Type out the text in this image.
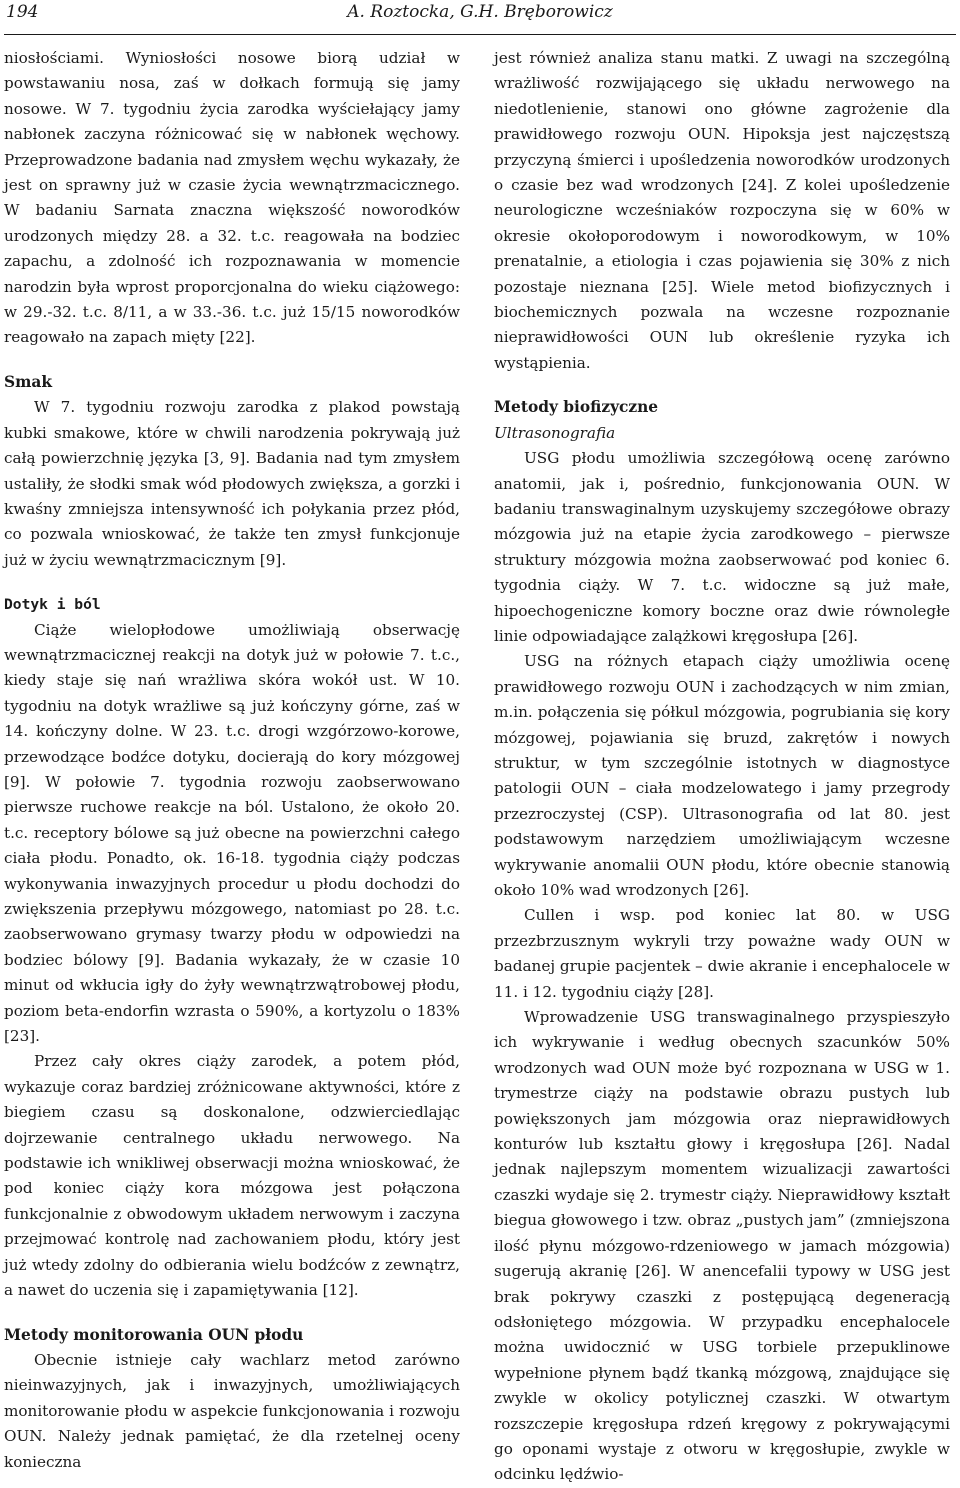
194	A. Roztocka, G.H. Bręborowicz

niosłościami. Wyniosłości nosowe biorą udział w powstawaniu nosa, zaś w dołkach formują się jamy nosowe. W 7. tygodniu życia zarodka wyściełający jamy nabłonek zaczyna różnicować się w nabłonek węchowy. Przeprowadzone badania nad zmysłem węchu wykazały, że jest on sprawny już w czasie życia wewnątrzmacicznego. W badaniu Sarnata znaczna większość noworodków urodzonych między 28. a 32. t.c. reagowała na bodziec zapachu, a zdolność ich rozpoznawania w momencie narodzin była wprost proporcjonalna do wieku ciążowego: w 29.-32. t.c. 8/11, a w 33.-36. t.c. już 15/15 noworodków reagowało na zapach mięty [22].

Smak

W 7. tygodniu rozwoju zarodka z plakod powstają kubki smakowe, które w chwili narodzenia pokrywają już całą powierzchnię języka [3, 9]. Badania nad tym zmysłem ustaliły, że słodki smak wód płodowych zwiększa, a gorzki i kwaśny zmniejsza intensywność ich połykania przez płód, co pozwala wnioskować, że także ten zmysł funkcjonuje już w życiu wewnątrzmacicznym [9].

Dotyk i ból

Ciąże wielopłodowe umożliwiają obserwację wewnątrzmacicznej reakcji na dotyk już w połowie 7. t.c., kiedy staje się nań wrażliwa skóra wokół ust. W 10. tygodniu na dotyk wrażliwe są już kończyny górne, zaś w 14. kończyny dolne. W 23. t.c. drogi wzgórzowo-korowe, przewodzące bodźce dotyku, docierają do kory mózgowej [9]. W połowie 7. tygodnia rozwoju zaobserwowano pierwsze ruchowe reakcje na ból. Ustalono, że około 20. t.c. receptory bólowe są już obecne na powierzchni całego ciała płodu. Ponadto, ok. 16-18. tygodnia ciąży podczas wykonywania inwazyjnych procedur u płodu dochodzi do zwiększenia przepływu mózgowego, natomiast po 28. t.c. zaobserwowano grymasy twarzy płodu w odpowiedzi na bodziec bólowy [9]. Badania wykazały, że w czasie 10 minut od wkłucia igły do żyły wewnątrzwątrobowej płodu, poziom beta-endorfin wzrasta o 590%, a kortyzolu o 183% [23].

Przez cały okres ciąży zarodek, a potem płód, wykazuje coraz bardziej zróżnicowane aktywności, które z biegiem czasu są doskonalone, odzwierciedlając dojrzewanie centralnego układu nerwowego. Na podstawie ich wnikliwej obserwacji można wnioskować, że pod koniec ciąży kora mózgowa jest połączona funkcjonalnie z obwodowym układem nerwowym i zaczyna przejmować kontrolę nad zachowaniem płodu, który jest już wtedy zdolny do odbierania wielu bodźców z zewnątrz, a nawet do uczenia się i zapamiętywania [12].

Metody monitorowania OUN płodu

Obecnie istnieje cały wachlarz metod zarówno nieinwazyjnych, jak i inwazyjnych, umożliwiających monitorowanie płodu w aspekcie funkcjonowania i rozwoju OUN. Należy jednak pamiętać, że dla rzetelnej oceny konieczna

jest również analiza stanu matki. Z uwagi na szczególną wrażliwość rozwijającego się układu nerwowego na niedotlenienie, stanowi ono główne zagrożenie dla prawidłowego rozwoju OUN. Hipoksja jest najczęstszą przyczyną śmierci i upośledzenia noworodków urodzonych o czasie bez wad wrodzonych [24]. Z kolei upośledzenie neurologiczne wcześniaków rozpoczyna się w 60% w okresie okołoporodowym i noworodkowym, w 10% prenatalnie, a etiologia i czas pojawienia się 30% z nich pozostaje nieznana [25]. Wiele metod biofizycznych i biochemicznych pozwala na wczesne rozpoznanie nieprawidłowości OUN lub określenie ryzyka ich wystąpienia.

Metody biofizyczne
Ultrasonografia

USG płodu umożliwia szczegółową ocenę zarówno anatomii, jak i, pośrednio, funkcjonowania OUN. W badaniu transwaginalnym uzyskujemy szczegółowe obrazy mózgowia już na etapie życia zarodkowego – pierwsze struktury mózgowia można zaobserwować pod koniec 6. tygodnia ciąży. W 7. t.c. widoczne są już małe, hipoechogeniczne komory boczne oraz dwie równoległe linie odpowiadające zalążkowi kręgosłupa [26].

USG na różnych etapach ciąży umożliwia ocenę prawidłowego rozwoju OUN i zachodzących w nim zmian, m.in. połączenia się półkul mózgowia, pogrubiania się kory mózgowej, pojawiania się bruzd, zakrętów i nowych struktur, w tym szczególnie istotnych w diagnostyce patologii OUN – ciała modzelowatego i jamy przegrody przezroczystej (CSP). Ultrasonografia od lat 80. jest podstawowym narzędziem umożliwiającym wczesne wykrywanie anomalii OUN płodu, które obecnie stanowią około 10% wad wrodzonych [26].

Cullen i wsp. pod koniec lat 80. w USG przezbrzusznym wykryli trzy poważne wady OUN w badanej grupie pacjentek – dwie akranie i encephalocele w 11. i 12. tygodniu ciąży [28].

Wprowadzenie USG transwaginalnego przyspieszyło ich wykrywanie i według obecnych szacunków 50% wrodzonych wad OUN może być rozpoznana w USG w 1. trymestrze ciąży na podstawie obrazu pustych lub powiększonych jam mózgowia oraz nieprawidłowych konturów lub kształtu głowy i kręgosłupa [26]. Nadal jednak najlepszym momentem wizualizacji zawartości czaszki wydaje się 2. trymestr ciąży. Nieprawidłowy kształt biegua głowowego i tzw. obraz „pustych jam” (zmniejszona ilość płynu mózgowo-rdzeniowego w jamach mózgowia) sugerują akranię [26]. W anencefalii typowy w USG jest brak pokrywy czaszki z postępującą degeneracją odsłoniętego mózgowia. W przypadku encephalocele można uwidocznić w USG torbiele przepuklinowe wypełnione płynem bądź tkanką mózgową, znajdujące się zwykle w okolicy potylicznej czaszki. W otwartym rozszczepie kręgosłupa rdzeń kręgowy z pokrywającymi go oponami wystaje z otworu w kręgosłupie, zwykle w odcinku lędźwio-
